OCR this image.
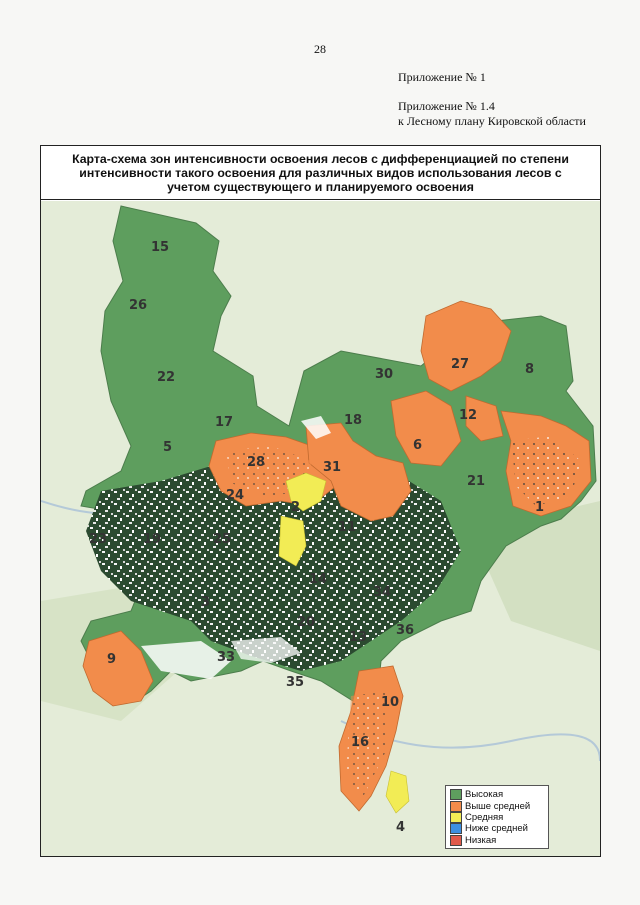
28
Приложение № 1
Приложение № 1.4
к Лесному плану Кировской области
Карта-схема зон интенсивности освоения лесов с дифференциацией по степени интенсивности такого освоения для различных видов использования лесов с учетом существующего и планируемого освоения
15
26
22
17
5
28
24
2
31
25
19
23
3
14
34
20
36
13
11
9	33
35
10
16
30
18
6
27	8
12
21
1
4
Высокая
Выше средней
Средняя
Ниже средней
Низкая
